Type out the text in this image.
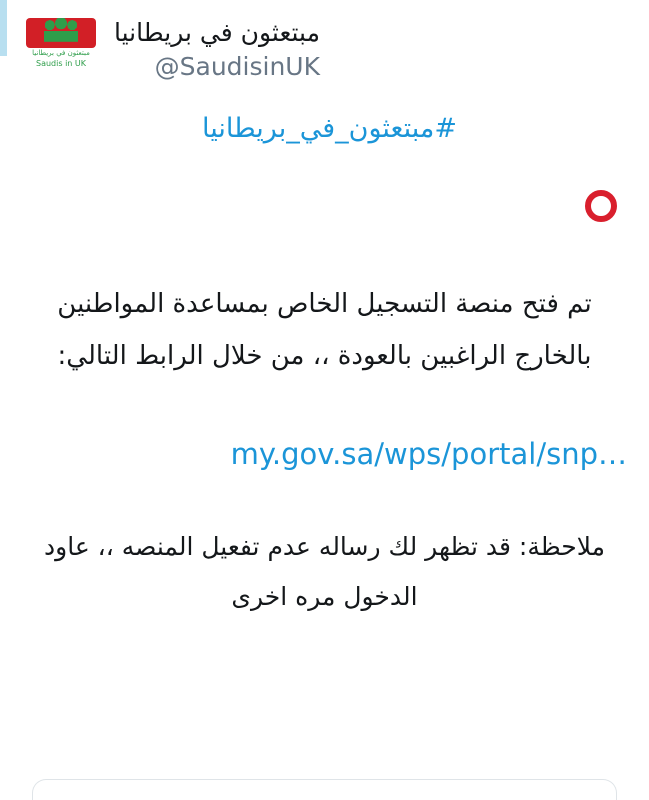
مبتعثون في بريطانيا
Saudis in UK
مبتعثون في بريطانيا
@SaudisinUK
#مبتعثون_في_بريطانيا
تم فتح منصة التسجيل الخاص بمساعدة المواطنين بالخارج الراغبين بالعودة ،، من خلال الرابط التالي:
my.gov.sa/wps/portal/snp…
ملاحظة: قد تظهر لك رساله عدم تفعيل المنصه ،، عاود الدخول مره اخرى
